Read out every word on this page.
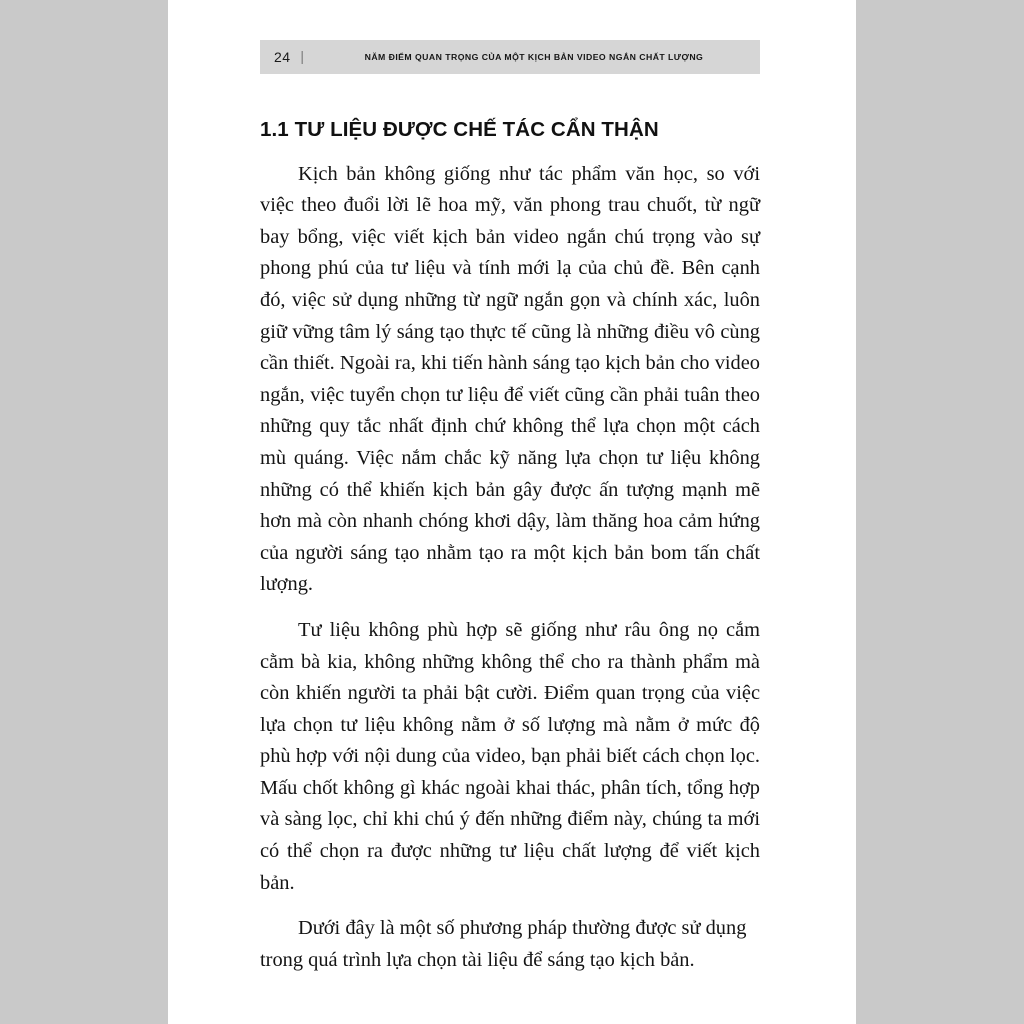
24 |	NĂM ĐIỂM QUAN TRỌNG CỦA MỘT KỊCH BẢN VIDEO NGẮN CHẤT LƯỢNG
1.1 TƯ LIỆU ĐƯỢC CHẾ TÁC CẨN THẬN

Kịch bản không giống như tác phẩm văn học, so với việc theo đuổi lời lẽ hoa mỹ, văn phong trau chuốt, từ ngữ bay bổng, việc viết kịch bản video ngắn chú trọng vào sự phong phú của tư liệu và tính mới lạ của chủ đề. Bên cạnh đó, việc sử dụng những từ ngữ ngắn gọn và chính xác, luôn giữ vững tâm lý sáng tạo thực tế cũng là những điều vô cùng cần thiết. Ngoài ra, khi tiến hành sáng tạo kịch bản cho video ngắn, việc tuyển chọn tư liệu để viết cũng cần phải tuân theo những quy tắc nhất định chứ không thể lựa chọn một cách mù quáng. Việc nắm chắc kỹ năng lựa chọn tư liệu không những có thể khiến kịch bản gây được ấn tượng mạnh mẽ hơn mà còn nhanh chóng khơi dậy, làm thăng hoa cảm hứng của người sáng tạo nhằm tạo ra một kịch bản bom tấn chất lượng.

Tư liệu không phù hợp sẽ giống như râu ông nọ cắm cằm bà kia, không những không thể cho ra thành phẩm mà còn khiến người ta phải bật cười. Điểm quan trọng của việc lựa chọn tư liệu không nằm ở số lượng mà nằm ở mức độ phù hợp với nội dung của video, bạn phải biết cách chọn lọc. Mấu chốt không gì khác ngoài khai thác, phân tích, tổng hợp và sàng lọc, chỉ khi chú ý đến những điểm này, chúng ta mới có thể chọn ra được những tư liệu chất lượng để viết kịch bản.

Dưới đây là một số phương pháp thường được sử dụng trong quá trình lựa chọn tài liệu để sáng tạo kịch bản.
